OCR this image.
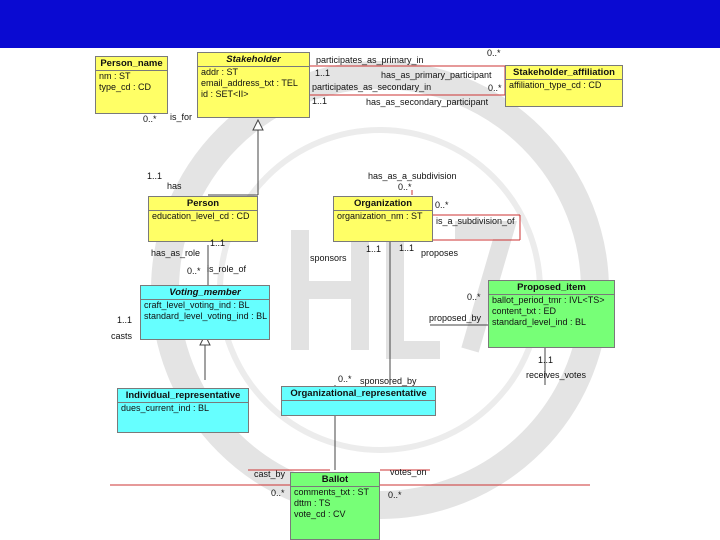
Person_name
nm : ST
type_cd : CD
Stakeholder
addr : ST
email_address_txt : TEL
id : SET<II>
Stakeholder_affiliation
affiliation_type_cd : CD
Person
education_level_cd : CD
Organization
organization_nm : ST
Voting_member
craft_level_voting_ind : BL
standard_level_voting_ind : BL
Proposed_item
ballot_period_tmr : IVL<TS>
content_txt : ED
standard_level_ind : BL
Individual_representative
dues_current_ind : BL
Organizational_representative
Ballot
comments_txt : ST
dttm : TS
vote_cd : CV
participates_as_primary_in
0..*
1..1	has_as_primary_participant
participates_as_secondary_in	0..*
1..1	has_as_secondary_participant
0..* is_for
1..1
has
has_as_a_subdivision
0..*
0..*
is_a_subdivision_of
1..1
has_as_role
0..* is_role_of
1..1
sponsors
1..1 proposes
0..*
proposed_by
1..1
casts
1..1
receives_votes
0..* sponsored_by
cast_by	votes_on
0..*	0..*
